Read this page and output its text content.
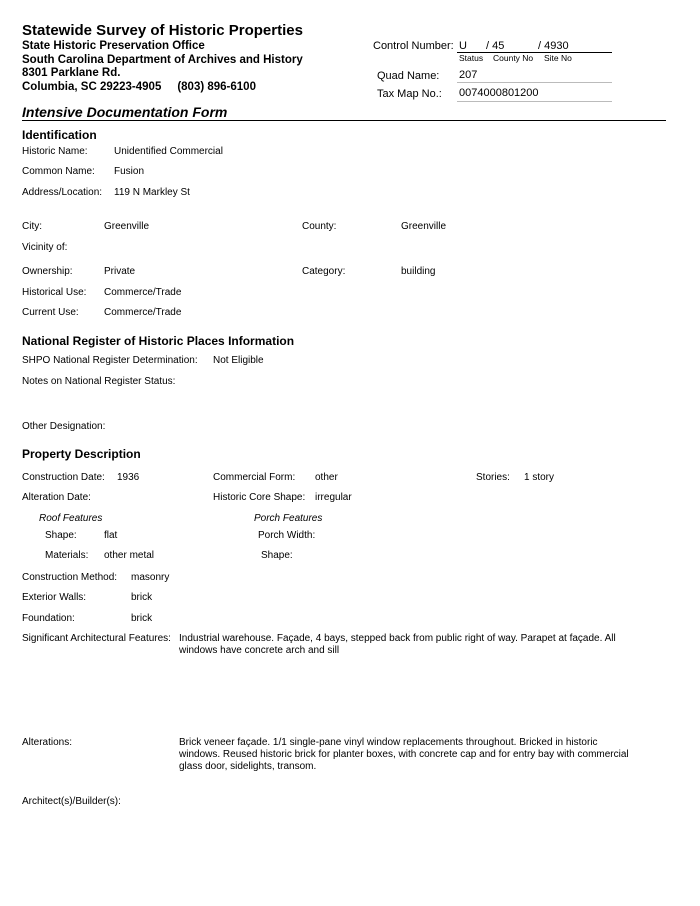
Statewide Survey of Historic Properties
State Historic Preservation Office
South Carolina Department of Archives and History
8301 Parklane Rd.
Columbia, SC 29223-4905     (803) 896-6100
Control Number: U / 45	/ 4930
Status County No Site No
Quad Name: 207
Tax Map No.: 0074000801200
Intensive Documentation Form
Identification
Historic Name:	Unidentified Commercial
Common Name: Fusion
Address/Location: 119 N Markley St
City:	Greenville	County:	Greenville
Vicinity of:
Ownership:	Private	Category:	building
Historical Use: Commerce/Trade
Current Use:	Commerce/Trade
National Register of Historic Places Information
SHPO National Register Determination: Not Eligible
Notes on National Register Status:
Other Designation:
Property Description
Construction Date: 1936	Commercial Form: other	Stories: 1 story
Alteration Date:	Historic Core Shape: irregular
Roof Features	Porch Features
Shape:	flat	Porch Width:
Materials: other metal	Shape:
Construction Method: masonry
Exterior Walls:	brick
Foundation:	brick
Significant Architectural Features: Industrial warehouse. Façade, 4 bays, stepped back from public right of way. Parapet at façade. All windows have concrete arch and sill
Alterations:	Brick veneer façade. 1/1 single-pane vinyl window replacements throughout. Bricked in historic windows. Reused historic brick for planter boxes, with concrete cap and for entry bay with commercial glass door, sidelights, transom.
Architect(s)/Builder(s):
